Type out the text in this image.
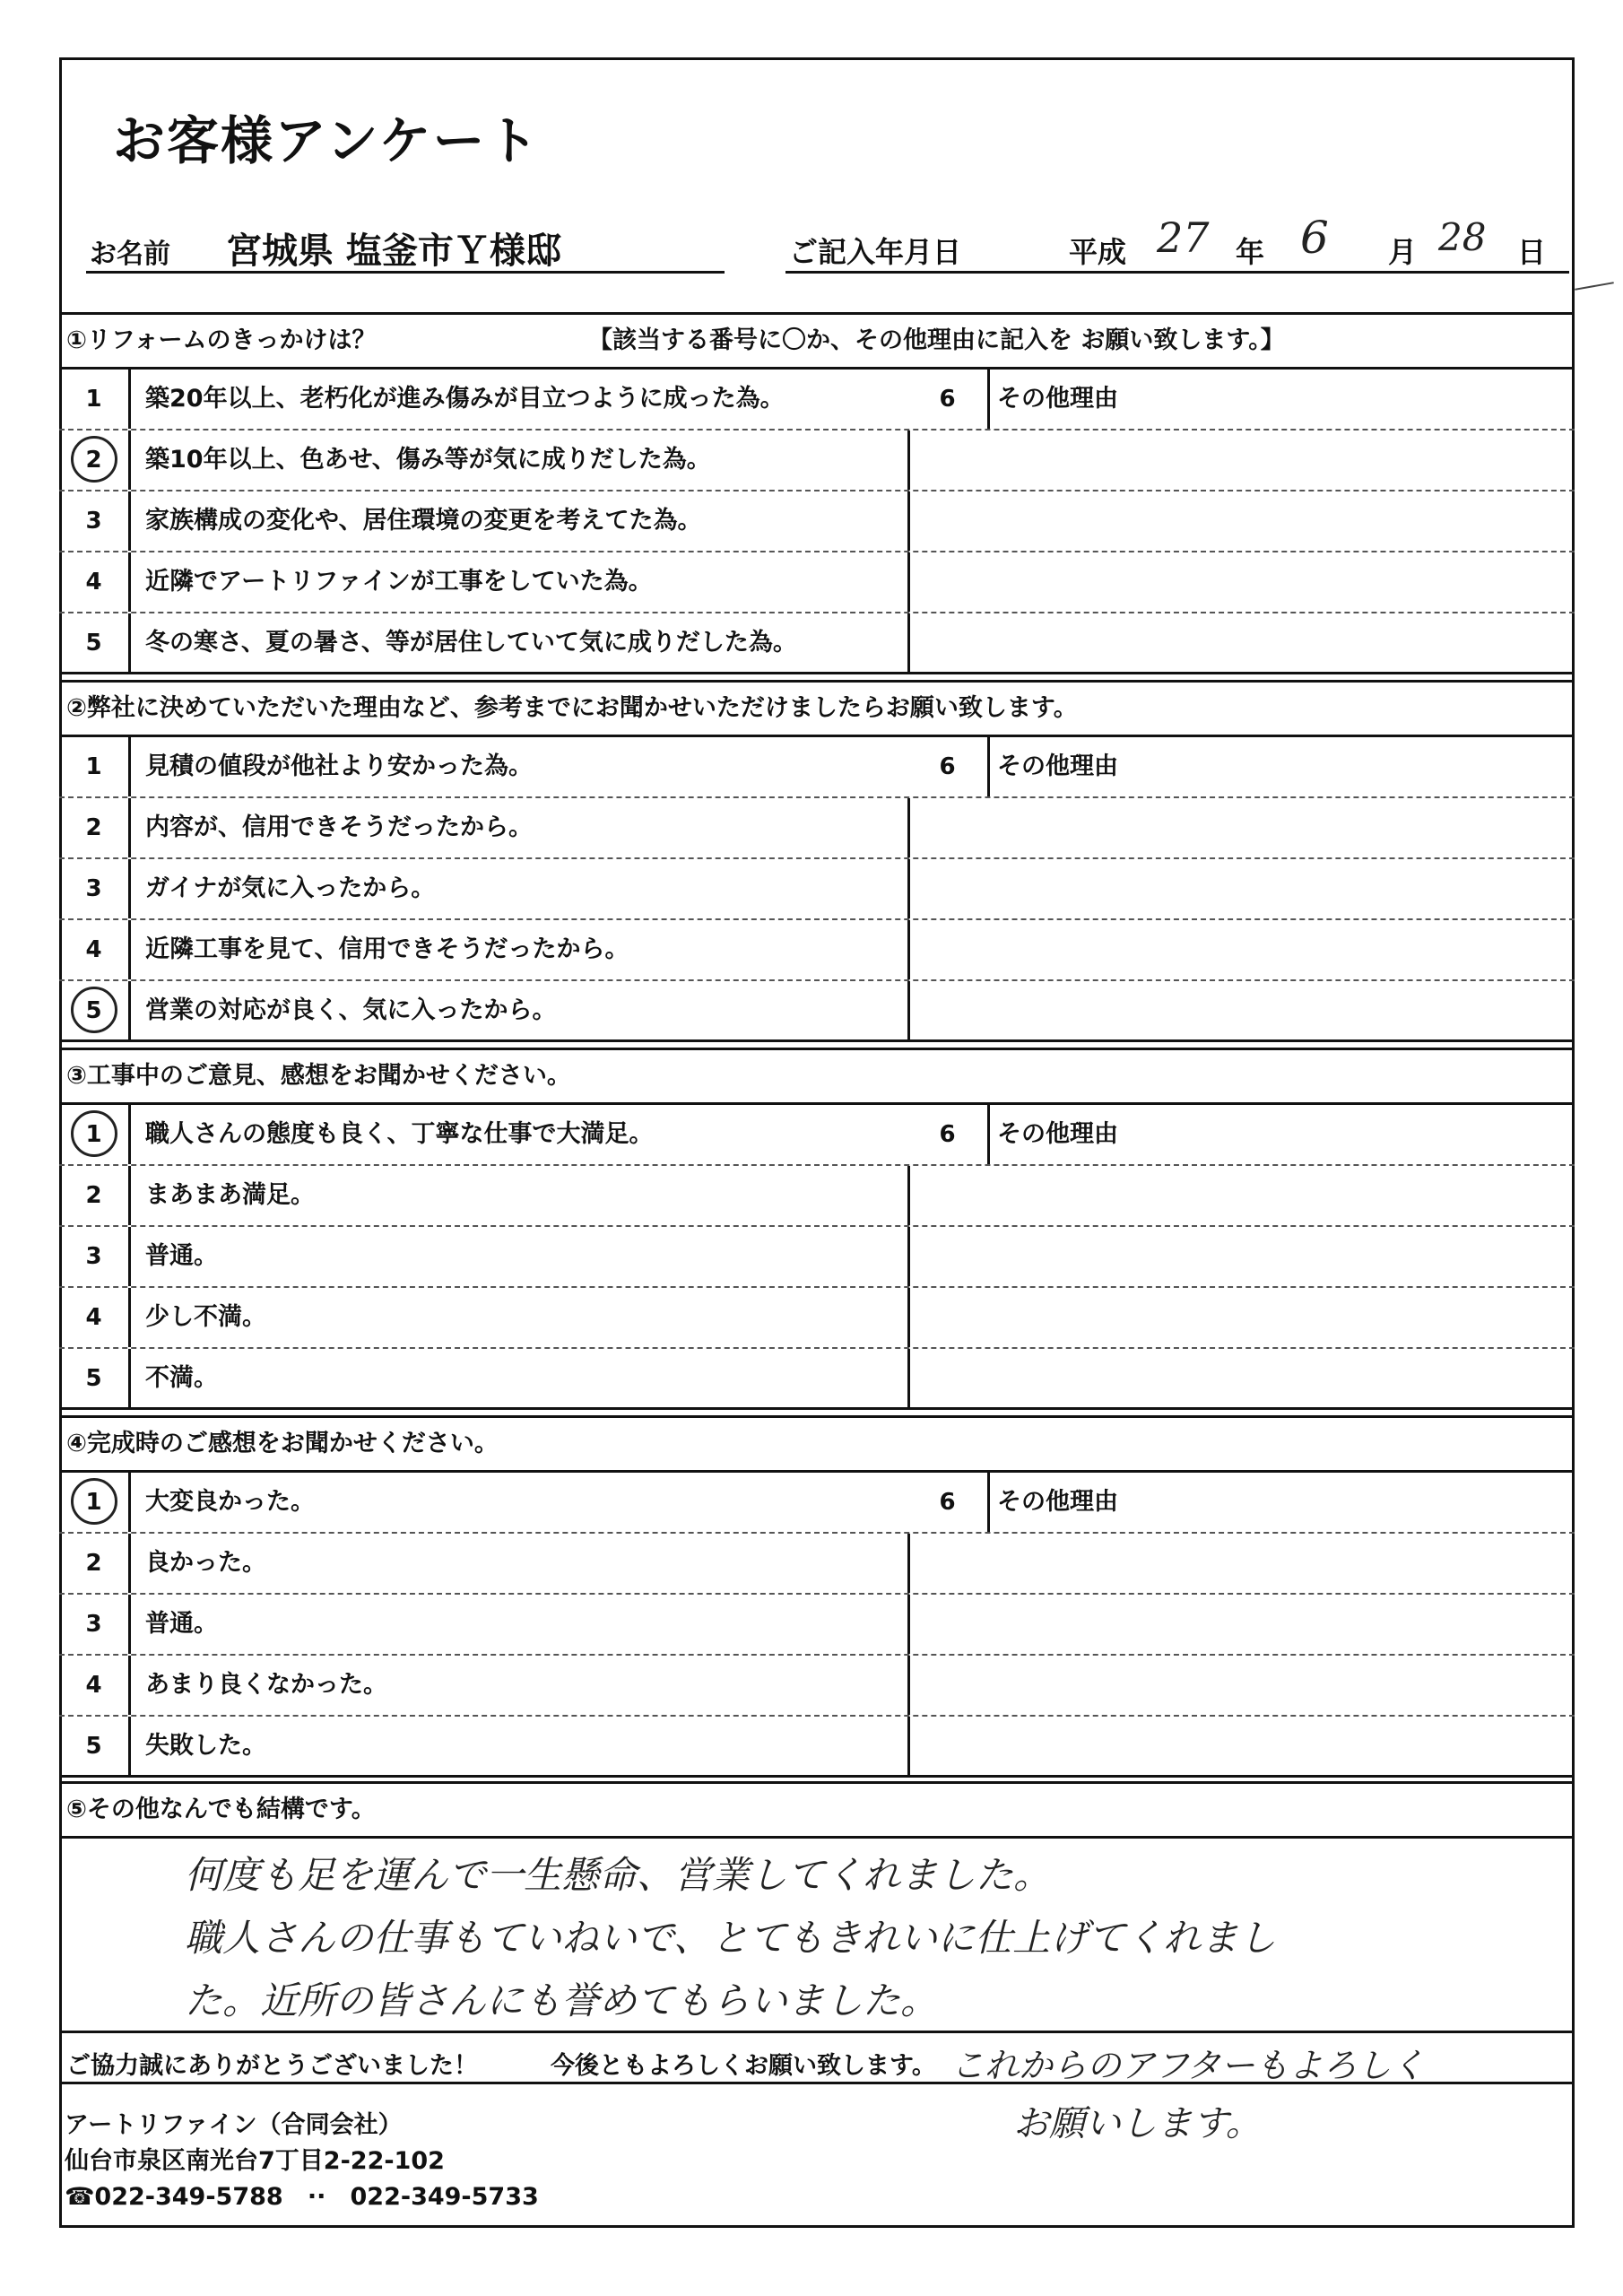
お客様アンケート
お名前 宮城県 塩釜市Ｙ様邸	ご記入年月日	平成 27 年 6 月 28 日
①リフォームのきっかけは？	【該当する番号に〇か、その他理由に記入を お願い致します。】
1	築20年以上、老朽化が進み傷みが目立つように成った為。	6	その他理由
2	築10年以上、色あせ、傷み等が気に成りだした為。
3	家族構成の変化や、居住環境の変更を考えてた為。
4	近隣でアートリファインが工事をしていた為。
5	冬の寒さ、夏の暑さ、等が居住していて気に成りだした為。
②弊社に決めていただいた理由など、参考までにお聞かせいただけましたらお願い致します。
1	見積の値段が他社より安かった為。	6	その他理由
2	内容が、信用できそうだったから。
3	ガイナが気に入ったから。
4	近隣工事を見て、信用できそうだったから。
5	営業の対応が良く、気に入ったから。
③工事中のご意見、感想をお聞かせください。
1	職人さんの態度も良く、丁寧な仕事で大満足。	6	その他理由
2	まあまあ満足。
3	普通。
4	少し不満。
5	不満。
④完成時のご感想をお聞かせください。
1	大変良かった。	6	その他理由
2	良かった。
3	普通。
4	あまり良くなかった。
5	失敗した。
⑤その他なんでも結構です。
何度も足を運んで一生懸命、営業してくれました。
職人さんの仕事もていねいで、とてもきれいに仕上げてくれました。近所の皆さんにも誉めてもらいました。
ご協力誠にありがとうございました！	今後ともよろしくお願い致します。 これからのアフターもよろしく
お願いします。
アートリファイン（合同会社）
仙台市泉区南光台7丁目2-22-102
☎ 022-349-5788 ·· 022-349-5733
